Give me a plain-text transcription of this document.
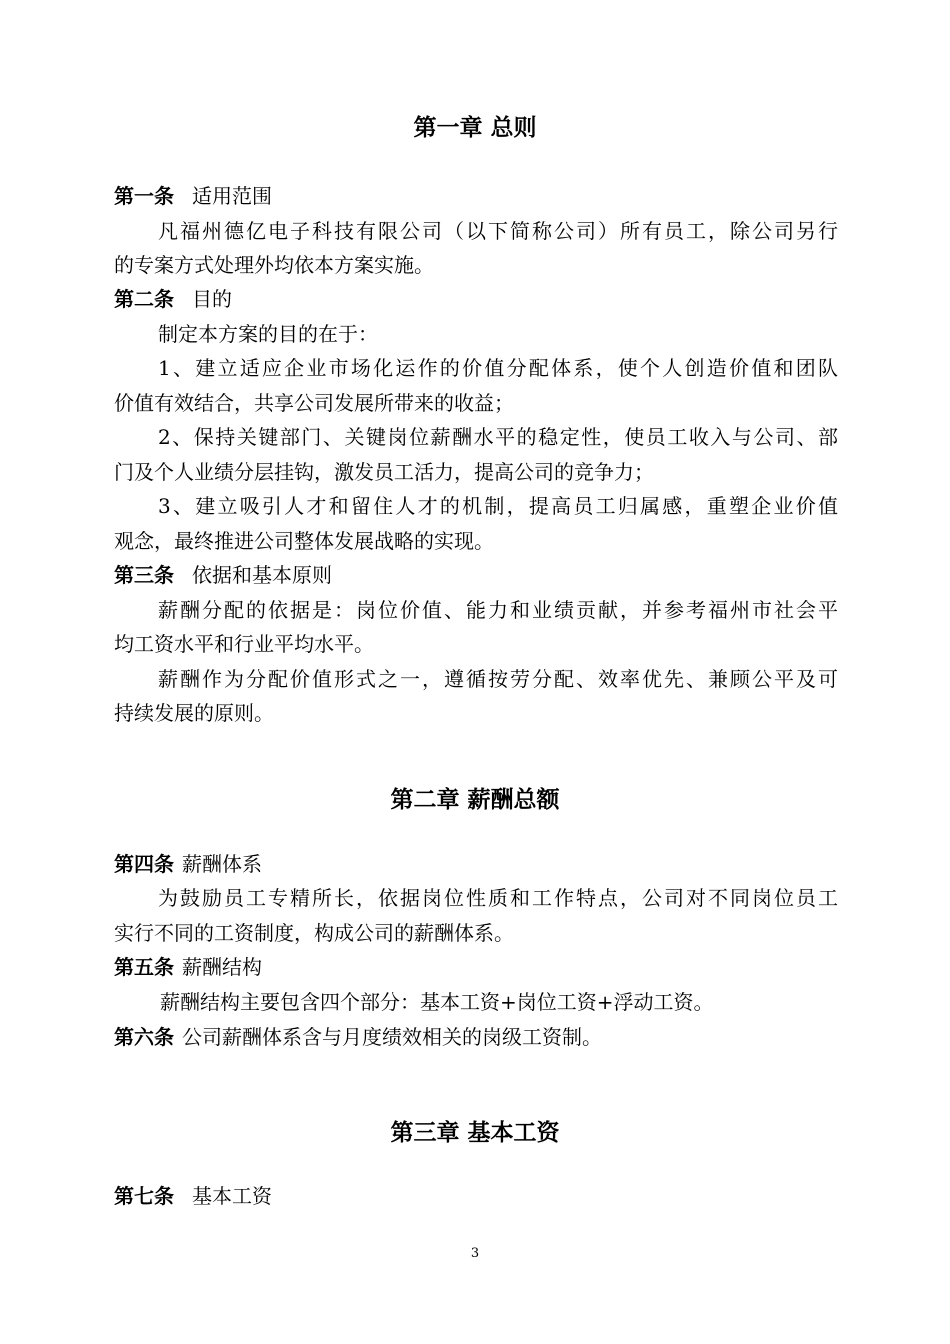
第一章 总则
第一条 适用范围
凡福州德亿电子科技有限公司（以下简称公司）所有员工，除公司另行
的专案方式处理外均依本方案实施。
第二条 目的
制定本方案的目的在于：
1、建立适应企业市场化运作的价值分配体系，使个人创造价值和团队
价值有效结合，共享公司发展所带来的收益；
2、保持关键部门、关键岗位薪酬水平的稳定性，使员工收入与公司、部
门及个人业绩分层挂钩，激发员工活力，提高公司的竞争力；
3、建立吸引人才和留住人才的机制，提高员工归属感，重塑企业价值
观念，最终推进公司整体发展战略的实现。
第三条 依据和基本原则
薪酬分配的依据是：岗位价值、能力和业绩贡献，并参考福州市社会平
均工资水平和行业平均水平。
薪酬作为分配价值形式之一，遵循按劳分配、效率优先、兼顾公平及可
持续发展的原则。
第二章 薪酬总额
第四条 薪酬体系
为鼓励员工专精所长，依据岗位性质和工作特点，公司对不同岗位员工
实行不同的工资制度，构成公司的薪酬体系。
第五条 薪酬结构
薪酬结构主要包含四个部分：基本工资+岗位工资+浮动工资。
第六条 公司薪酬体系含与月度绩效相关的岗级工资制。
第三章 基本工资
第七条 基本工资
3
